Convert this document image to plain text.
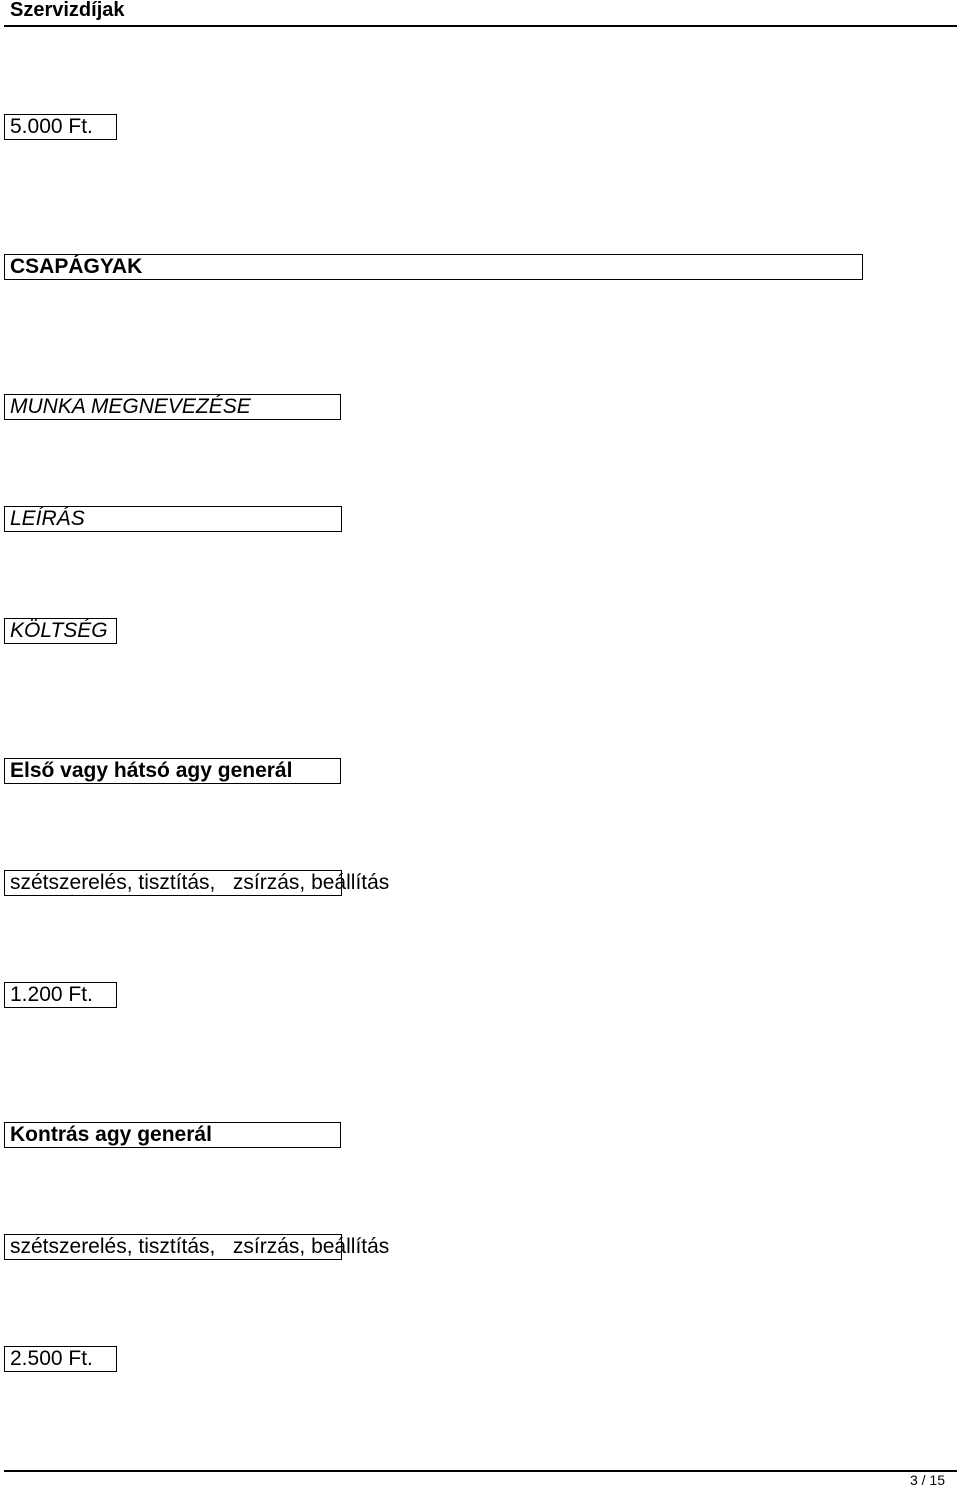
Szervizdíjak
5.000 Ft.
CSAPÁGYAK
MUNKA MEGNEVEZÉSE
LEÍRÁS
KÖLTSÉG
Első vagy hátsó agy generál
szétszerelés, tisztítás,   zsírzás, beállítás
1.200 Ft.
Kontrás agy generál
szétszerelés, tisztítás,   zsírzás, beállítás
2.500 Ft.
3 / 15
